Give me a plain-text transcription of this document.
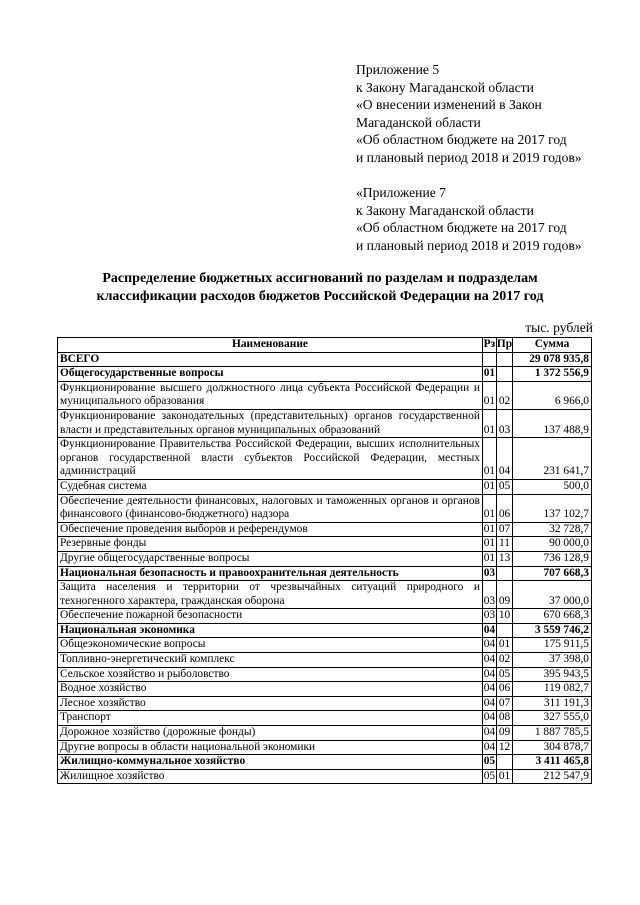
Приложение 5
к Закону Магаданской области
«О внесении изменений в Закон
Магаданской области
«Об областном бюджете на 2017 год
и плановый период 2018 и 2019 годов»
«Приложение 7
к Закону Магаданской области
«Об областном бюджете на 2017 год
и плановый период 2018 и 2019 годов»
Распределение бюджетных ассигнований по разделам и подразделам
классификации расходов бюджетов Российской Федерации на 2017 год
тыс. рублей
Наименование	Рз	Пр	Сумма
ВСЕГО			29 078 935,8
Общегосударственные вопросы	01		1 372 556,9
Функционирование высшего должностного лица субъекта Российской Федерации и муниципального образования	01	02	6 966,0
Функционирование законодательных (представительных) органов государственной власти и представительных органов муниципальных образований	01	03	137 488,9
Функционирование Правительства Российской Федерации, высших исполнительных органов государственной власти субъектов Российской Федерации, местных администраций	01	04	231 641,7
Судебная система	01	05	500,0
Обеспечение деятельности финансовых, налоговых и таможенных органов и органов финансового (финансово-бюджетного) надзора	01	06	137 102,7
Обеспечение проведения выборов и референдумов	01	07	32 728,7
Резервные фонды	01	11	90 000,0
Другие общегосударственные вопросы	01	13	736 128,9
Национальная безопасность и правоохранительная деятельность	03		707 668,3
Защита населения и территории от чрезвычайных ситуаций природного и техногенного характера, гражданская оборона	03	09	37 000,0
Обеспечение пожарной безопасности	03	10	670 668,3
Национальная экономика	04		3 559 746,2
Общеэкономические вопросы	04	01	175 911,5
Топливно-энергетический комплекс	04	02	37 398,0
Сельское хозяйство и рыболовство	04	05	395 943,5
Водное хозяйство	04	06	119 082,7
Лесное хозяйство	04	07	311 191,3
Транспорт	04	08	327 555,0
Дорожное хозяйство (дорожные фонды)	04	09	1 887 785,5
Другие вопросы в области национальной экономики	04	12	304 878,7
Жилищно-коммунальное хозяйство	05		3 411 465,8
Жилищное хозяйство	05	01	212 547,9
